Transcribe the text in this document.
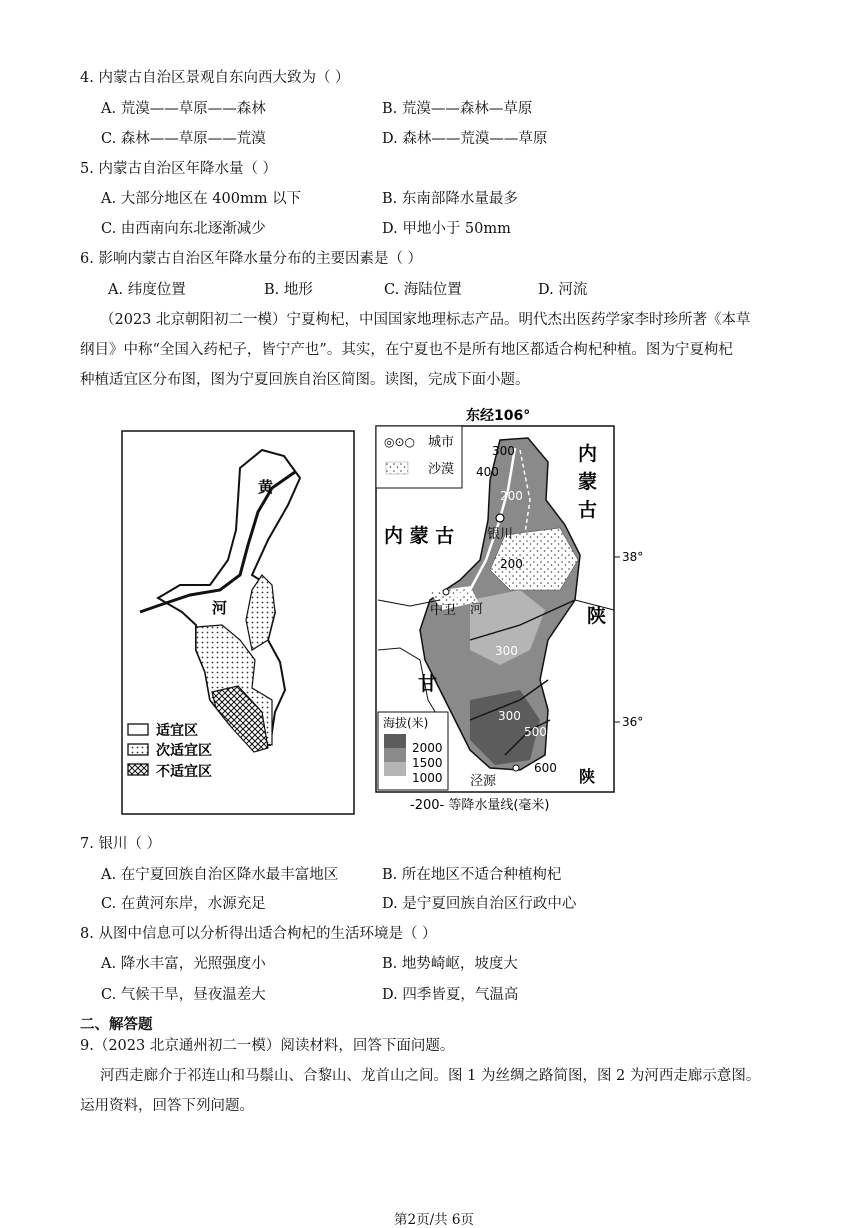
4. 内蒙古自治区景观自东向西大致为（ ）
A. 荒漠——草原——森林	B. 荒漠——森林—草原
C. 森林——草原——荒漠	D. 森林——荒漠——草原
5. 内蒙古自治区年降水量（ ）
A. 大部分地区在 400mm 以下	B. 东南部降水量最多
C. 由西南向东北逐渐减少	D. 甲地小于 50mm
6. 影响内蒙古自治区年降水量分布的主要因素是（ ）
A. 纬度位置	B. 地形	C. 海陆位置	D. 河流
（2023 北京朝阳初二一模）宁夏枸杞，中国国家地理标志产品。明代杰出医药学家李时珍所著《本草
纲目》中称“全国入药杞子，皆宁产也”。其实，在宁夏也不是所有地区都适合枸杞种植。图为宁夏枸杞
种植适宜区分布图，图为宁夏回族自治区简图。读图，完成下面小题。
黄
河
适宜区
次适宜区
不适宜区
东经106°
◎⊙○ 城市
沙漠
300
400
200
200
300
300
500
600
内
蒙
古
内 蒙 古
陕
陕
甘
银川
中卫 河
泾源
38°
36°
海拔(米)
2000
1500
1000
-200- 等降水量线(毫米)
7. 银川（ ）
A. 在宁夏回族自治区降水最丰富地区	B. 所在地区不适合种植枸杞
C. 在黄河东岸，水源充足	D. 是宁夏回族自治区行政中心
8. 从图中信息可以分析得出适合枸杞的生活环境是（ ）
A. 降水丰富，光照强度小	B. 地势崎岖，坡度大
C. 气候干旱，昼夜温差大	D. 四季皆夏，气温高
二、解答题
9.（2023 北京通州初二一模）阅读材料，回答下面问题。
河西走廊介于祁连山和马鬃山、合黎山、龙首山之间。图 1 为丝绸之路简图，图 2 为河西走廊示意图。
运用资料，回答下列问题。
第2页/共 6页
